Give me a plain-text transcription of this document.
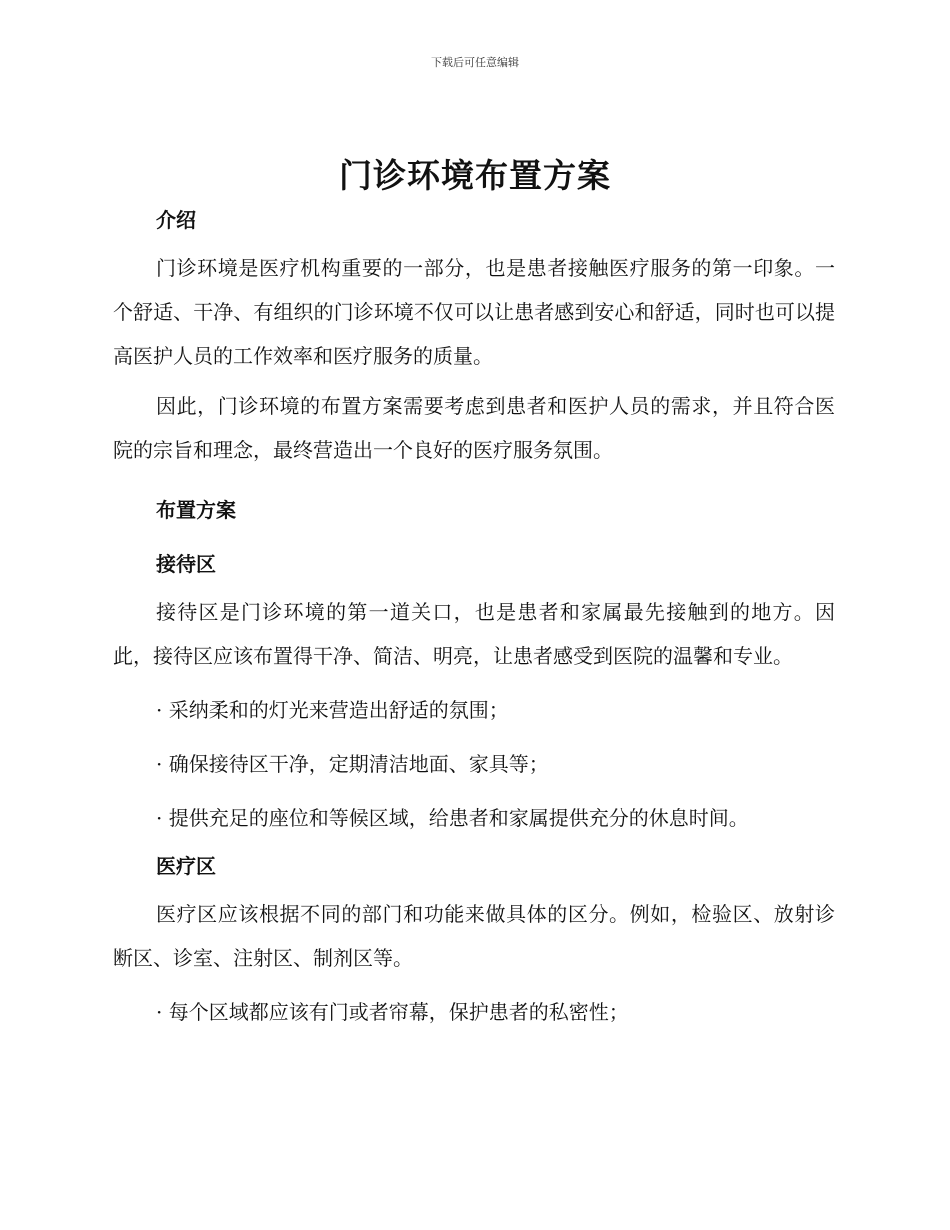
下载后可任意编辑
门诊环境布置方案
介绍

门诊环境是医疗机构重要的一部分，也是患者接触医疗服务的第一印象。一个舒适、干净、有组织的门诊环境不仅可以让患者感到安心和舒适，同时也可以提高医护人员的工作效率和医疗服务的质量。

因此，门诊环境的布置方案需要考虑到患者和医护人员的需求，并且符合医院的宗旨和理念，最终营造出一个良好的医疗服务氛围。

布置方案
接待区

接待区是门诊环境的第一道关口，也是患者和家属最先接触到的地方。因此，接待区应该布置得干净、简洁、明亮，让患者感受到医院的温馨和专业。

· 采纳柔和的灯光来营造出舒适的氛围；

· 确保接待区干净，定期清洁地面、家具等；

· 提供充足的座位和等候区域，给患者和家属提供充分的休息时间。

医疗区

医疗区应该根据不同的部门和功能来做具体的区分。例如，检验区、放射诊断区、诊室、注射区、制剂区等。

· 每个区域都应该有门或者帘幕，保护患者的私密性；
